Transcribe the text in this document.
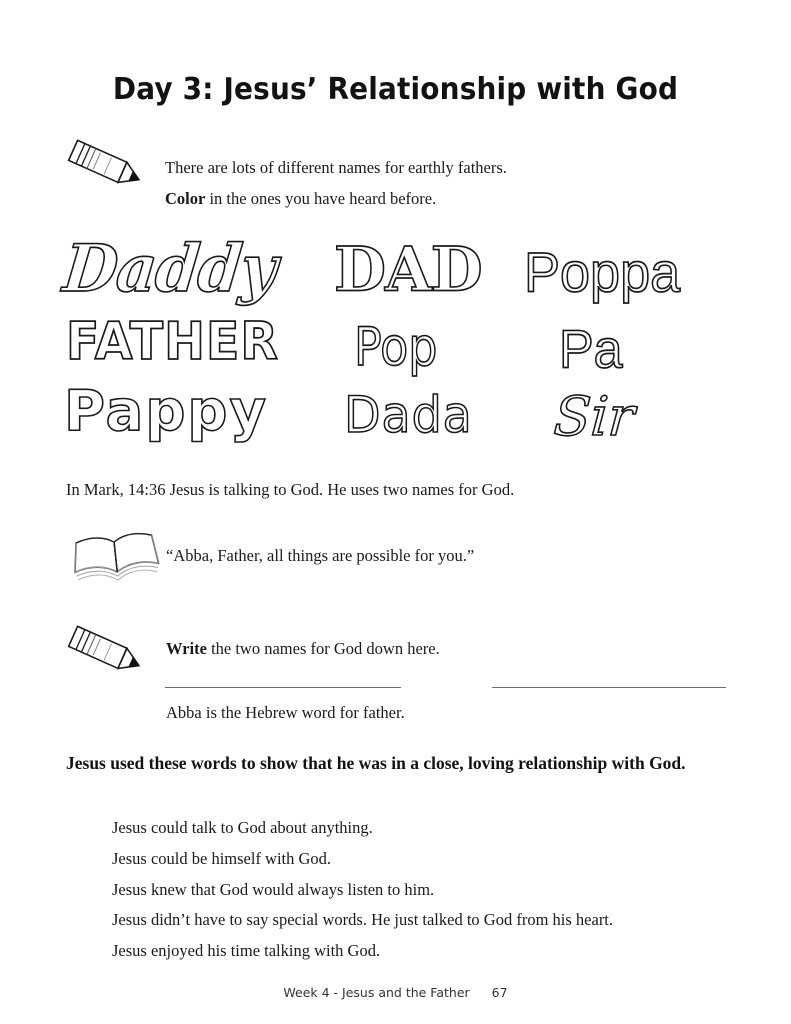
Day 3: Jesus’ Relationship with God
There are lots of different names for earthly fathers.
Color in the ones you have heard before.
Daddy
FATHER
Pappy
DAD
Pop
Dada
Poppa
Pa
Sir
In Mark, 14:36 Jesus is talking to God. He uses two names for God.
“Abba, Father, all things are possible for you.”
Write the two names for God down here.
Abba is the Hebrew word for father.
Jesus used these words to show that he was in a close, loving relationship with God.
Jesus could talk to God about anything.
Jesus could be himself with God.
Jesus knew that God would always listen to him.
Jesus didn’t have to say special words. He just talked to God from his heart.
Jesus enjoyed his time talking with God.
Week 4 - Jesus and the Father 67
